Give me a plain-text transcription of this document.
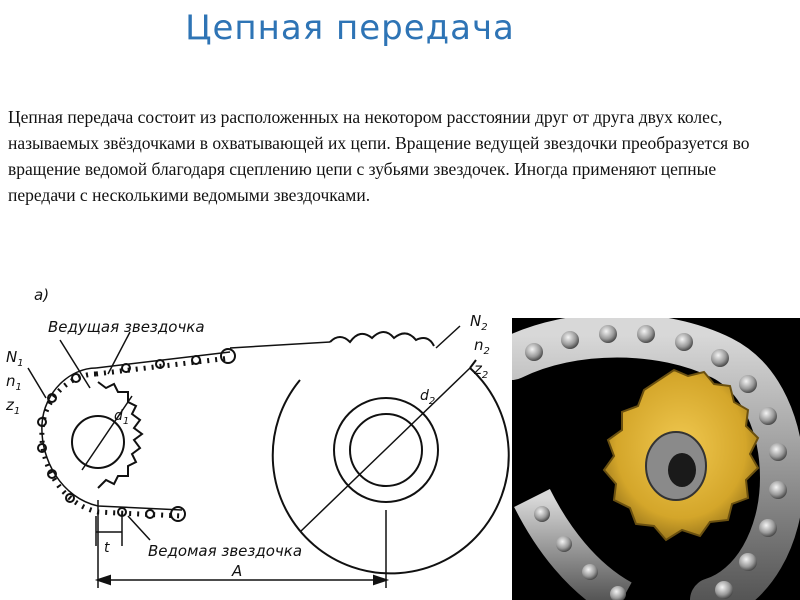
Цепная передача
Цепная передача состоит из расположенных на некотором расстоянии друг от друга двух колес, называемых звёздочками в охватывающей их цепи. Вращение ведущей звездочки преобразуется во вращение ведомой благодаря сцеплению цепи с зубьями звездочек. Иногда применяют цепные передачи с несколькими ведомыми звездочками.
а)
Ведущая звездочка
Ведомая звездочка
$N_1$
$n_1$
$z_1$
$N_2$
$n_2$
$z_2$
$d_1$
$d_2$
t
A
